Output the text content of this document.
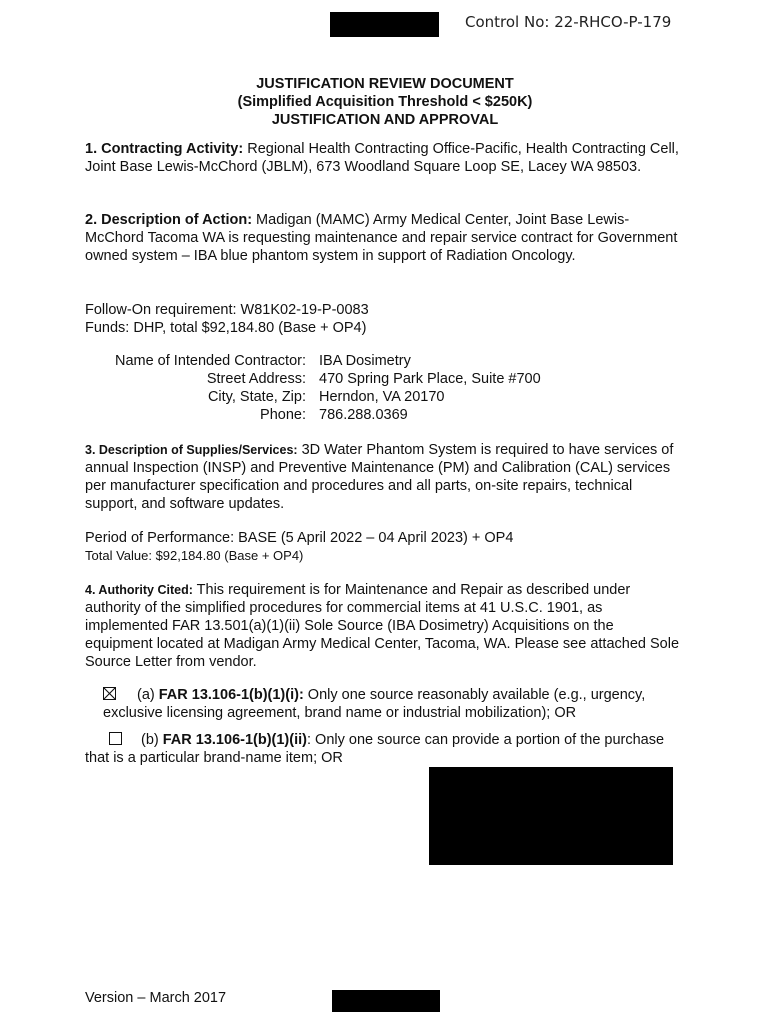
Control No: 22-RHCO-P-179
JUSTIFICATION REVIEW DOCUMENT
(Simplified Acquisition Threshold < $250K)
JUSTIFICATION AND APPROVAL
1. Contracting Activity: Regional Health Contracting Office-Pacific, Health Contracting Cell, Joint Base Lewis-McChord (JBLM), 673 Woodland Square Loop SE, Lacey WA 98503.
2. Description of Action: Madigan (MAMC) Army Medical Center, Joint Base Lewis-McChord Tacoma WA is requesting maintenance and repair service contract for Government owned system – IBA blue phantom system in support of Radiation Oncology.
Follow-On requirement: W81K02-19-P-0083
Funds: DHP, total $92,184.80 (Base + OP4)
Name of Intended Contractor: IBA Dosimetry
Street Address: 470 Spring Park Place, Suite #700
City, State, Zip: Herndon, VA 20170
Phone: 786.288.0369
3. Description of Supplies/Services: 3D Water Phantom System is required to have services of annual Inspection (INSP) and Preventive Maintenance (PM) and Calibration (CAL) services per manufacturer specification and procedures and all parts, on-site repairs, technical support, and software updates.
Period of Performance: BASE (5 April 2022 – 04 April 2023) + OP4
Total Value: $92,184.80 (Base + OP4)
4. Authority Cited: This requirement is for Maintenance and Repair as described under authority of the simplified procedures for commercial items at 41 U.S.C. 1901, as implemented FAR 13.501(a)(1)(ii) Sole Source (IBA Dosimetry) Acquisitions on the equipment located at Madigan Army Medical Center, Tacoma, WA. Please see attached Sole Source Letter from vendor.
(a) FAR 13.106-1(b)(1)(i): Only one source reasonably available (e.g., urgency, exclusive licensing agreement, brand name or industrial mobilization); OR
(b) FAR 13.106-1(b)(1)(ii): Only one source can provide a portion of the purchase that is a particular brand-name item; OR
Version – March 2017
